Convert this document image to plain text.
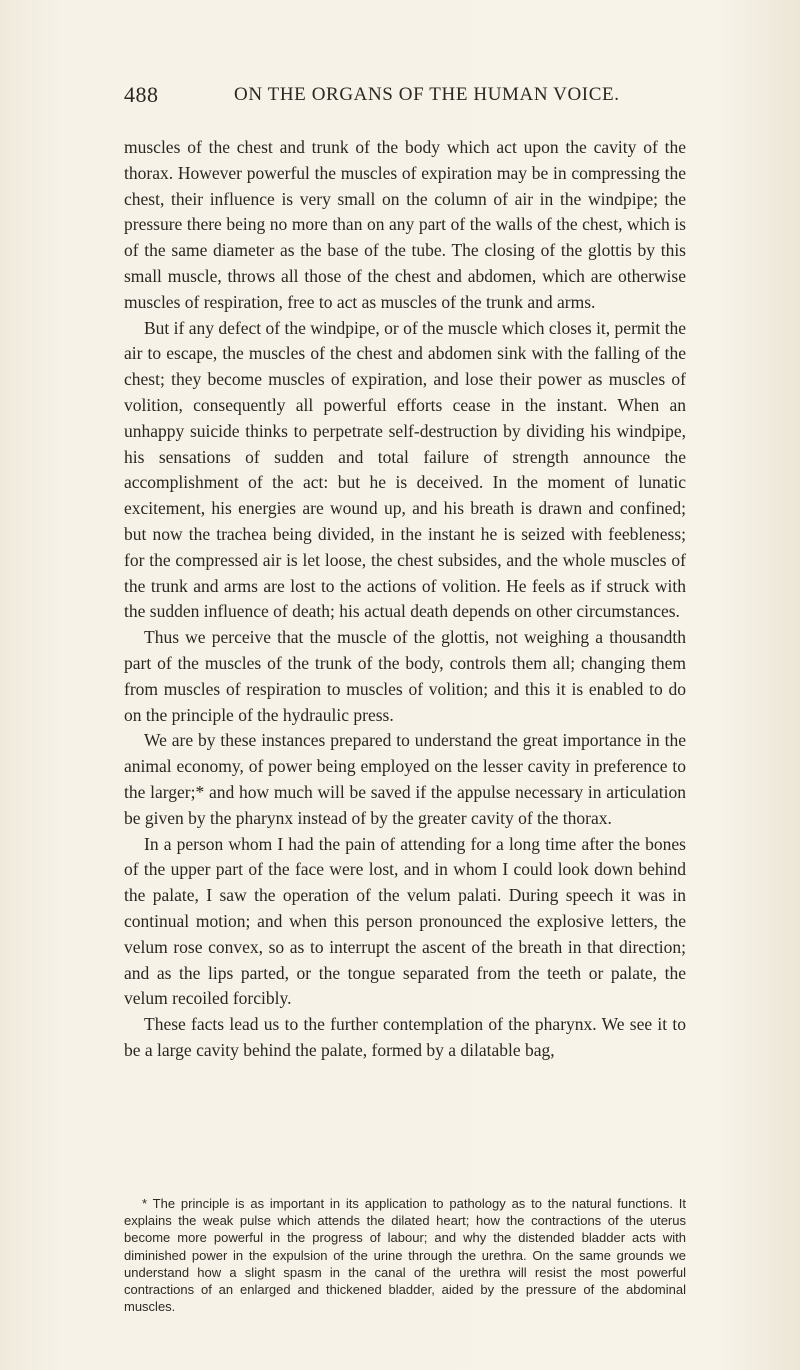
488	ON THE ORGANS OF THE HUMAN VOICE.

muscles of the chest and trunk of the body which act upon the cavity of the thorax. However powerful the muscles of expiration may be in compressing the chest, their influence is very small on the column of air in the windpipe; the pressure there being no more than on any part of the walls of the chest, which is of the same diameter as the base of the tube. The closing of the glottis by this small muscle, throws all those of the chest and abdomen, which are otherwise muscles of respiration, free to act as muscles of the trunk and arms.

But if any defect of the windpipe, or of the muscle which closes it, permit the air to escape, the muscles of the chest and abdomen sink with the falling of the chest; they become muscles of expiration, and lose their power as muscles of volition, consequently all powerful efforts cease in the instant. When an unhappy suicide thinks to perpetrate self-destruction by dividing his windpipe, his sensations of sudden and total failure of strength announce the accomplishment of the act: but he is deceived. In the moment of lunatic excitement, his energies are wound up, and his breath is drawn and confined; but now the trachea being divided, in the instant he is seized with feebleness; for the compressed air is let loose, the chest subsides, and the whole muscles of the trunk and arms are lost to the actions of volition. He feels as if struck with the sudden influence of death; his actual death depends on other circumstances.

Thus we perceive that the muscle of the glottis, not weighing a thousandth part of the muscles of the trunk of the body, controls them all; changing them from muscles of respiration to muscles of volition; and this it is enabled to do on the principle of the hydraulic press.

We are by these instances prepared to understand the great importance in the animal economy, of power being employed on the lesser cavity in preference to the larger;* and how much will be saved if the appulse necessary in articulation be given by the pharynx instead of by the greater cavity of the thorax.

In a person whom I had the pain of attending for a long time after the bones of the upper part of the face were lost, and in whom I could look down behind the palate, I saw the operation of the velum palati. During speech it was in continual motion; and when this person pronounced the explosive letters, the velum rose convex, so as to interrupt the ascent of the breath in that direction; and as the lips parted, or the tongue separated from the teeth or palate, the velum recoiled forcibly.

These facts lead us to the further contemplation of the pharynx. We see it to be a large cavity behind the palate, formed by a dilatable bag,

* The principle is as important in its application to pathology as to the natural functions. It explains the weak pulse which attends the dilated heart; how the contractions of the uterus become more powerful in the progress of labour; and why the distended bladder acts with diminished power in the expulsion of the urine through the urethra. On the same grounds we understand how a slight spasm in the canal of the urethra will resist the most powerful contractions of an enlarged and thickened bladder, aided by the pressure of the abdominal muscles.
